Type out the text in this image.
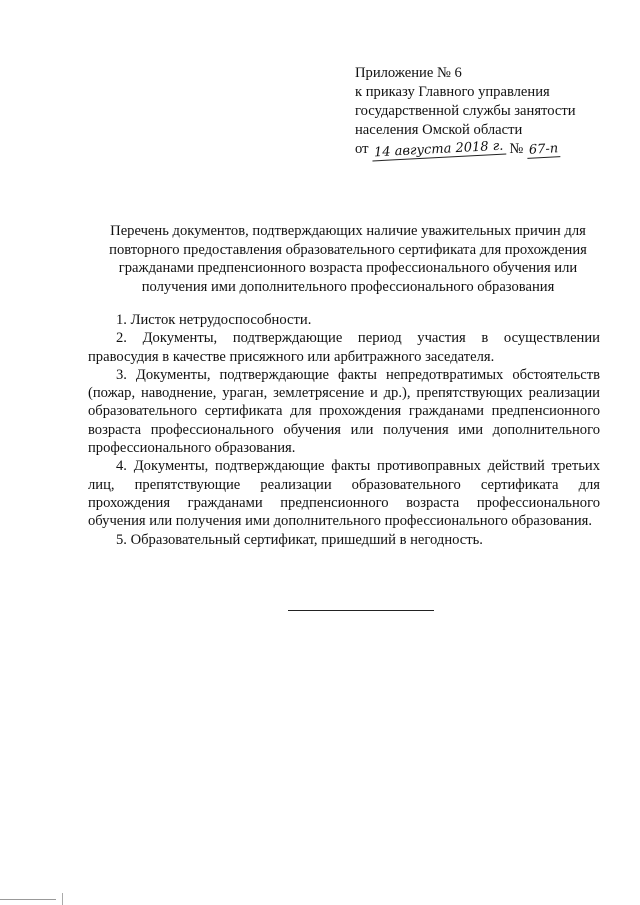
Приложение № 6
к приказу Главного управления
государственной службы занятости
населения Омской области
от 14 августа 2018 г. № 67-п
Перечень документов, подтверждающих наличие уважительных причин для повторного предоставления образовательного сертификата для прохождения гражданами предпенсионного возраста профессионального обучения или получения ими дополнительного профессионального образования

1. Листок нетрудоспособности.

2. Документы, подтверждающие период участия в осуществлении правосудия в качестве присяжного или арбитражного заседателя.

3. Документы, подтверждающие факты непредотвратимых обстоятельств (пожар, наводнение, ураган, землетрясение и др.), препятствующих реализации образовательного сертификата для прохождения гражданами предпенсионного возраста профессионального обучения или получения ими дополнительного профессионального образования.

4. Документы, подтверждающие факты противоправных действий третьих лиц, препятствующие реализации образовательного сертификата для прохождения гражданами предпенсионного возраста профессионального обучения или получения ими дополнительного профессионального образования.

5. Образовательный сертификат, пришедший в негодность.
